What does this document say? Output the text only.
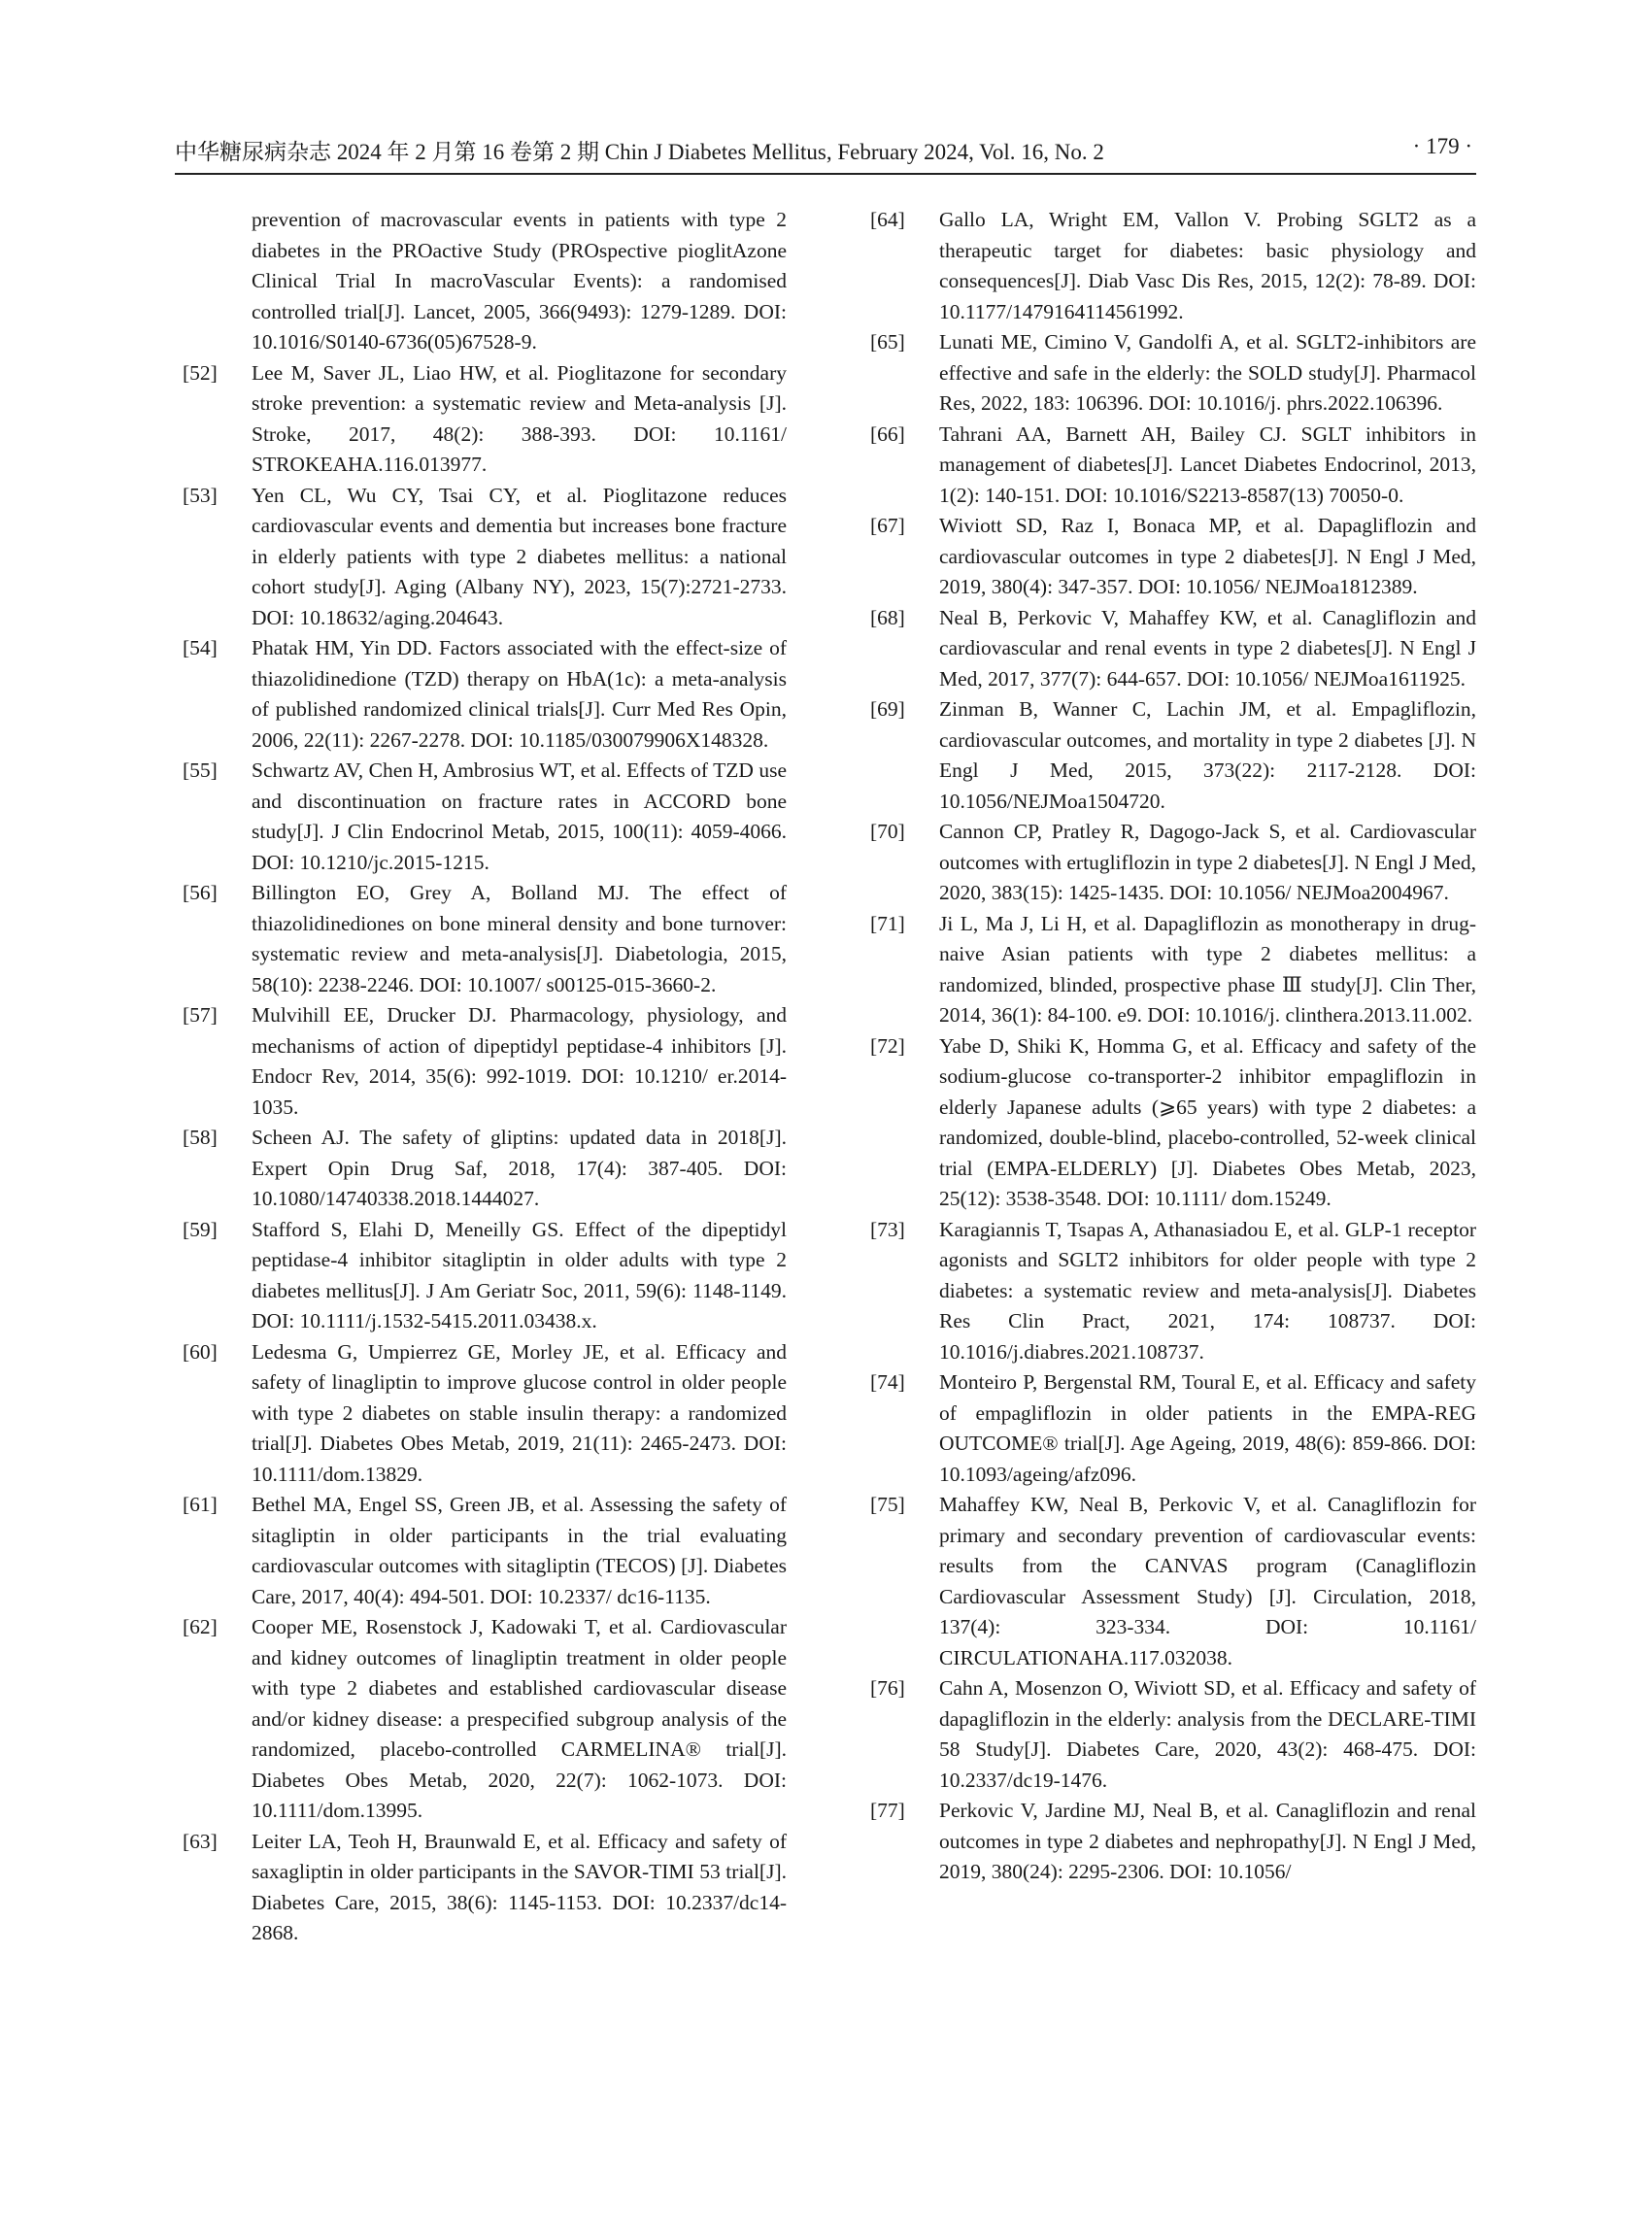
中华糖尿病杂志 2024 年 2 月第 16 卷第 2 期 Chin J Diabetes Mellitus, February 2024, Vol. 16, No. 2	· 179 ·
prevention of macrovascular events in patients with type 2 diabetes in the PROactive Study (PROspective pioglitAzone Clinical Trial In macroVascular Events): a randomised controlled trial[J]. Lancet, 2005, 366(9493): 1279-1289. DOI: 10.1016/S0140-6736(05)67528-9.
[52] Lee M, Saver JL, Liao HW, et al. Pioglitazone for secondary stroke prevention: a systematic review and Meta-analysis [J]. Stroke, 2017, 48(2): 388-393. DOI: 10.1161/ STROKEAHA.116.013977.
[53] Yen CL, Wu CY, Tsai CY, et al. Pioglitazone reduces cardiovascular events and dementia but increases bone fracture in elderly patients with type 2 diabetes mellitus: a national cohort study[J]. Aging (Albany NY), 2023, 15(7):2721-2733. DOI: 10.18632/aging.204643.
[54] Phatak HM, Yin DD. Factors associated with the effect-size of thiazolidinedione (TZD) therapy on HbA(1c): a meta-analysis of published randomized clinical trials[J]. Curr Med Res Opin, 2006, 22(11): 2267-2278. DOI: 10.1185/030079906X148328.
[55] Schwartz AV, Chen H, Ambrosius WT, et al. Effects of TZD use and discontinuation on fracture rates in ACCORD bone study[J]. J Clin Endocrinol Metab, 2015, 100(11): 4059-4066. DOI: 10.1210/jc.2015-1215.
[56] Billington EO, Grey A, Bolland MJ. The effect of thiazolidinediones on bone mineral density and bone turnover: systematic review and meta-analysis[J]. Diabetologia, 2015, 58(10): 2238-2246. DOI: 10.1007/ s00125-015-3660-2.
[57] Mulvihill EE, Drucker DJ. Pharmacology, physiology, and mechanisms of action of dipeptidyl peptidase-4 inhibitors [J]. Endocr Rev, 2014, 35(6): 992-1019. DOI: 10.1210/ er.2014-1035.
[58] Scheen AJ. The safety of gliptins: updated data in 2018[J]. Expert Opin Drug Saf, 2018, 17(4): 387-405. DOI: 10.1080/14740338.2018.1444027.
[59] Stafford S, Elahi D, Meneilly GS. Effect of the dipeptidyl peptidase-4 inhibitor sitagliptin in older adults with type 2 diabetes mellitus[J]. J Am Geriatr Soc, 2011, 59(6): 1148-1149. DOI: 10.1111/j.1532-5415.2011.03438.x.
[60] Ledesma G, Umpierrez GE, Morley JE, et al. Efficacy and safety of linagliptin to improve glucose control in older people with type 2 diabetes on stable insulin therapy: a randomized trial[J]. Diabetes Obes Metab, 2019, 21(11): 2465-2473. DOI: 10.1111/dom.13829.
[61] Bethel MA, Engel SS, Green JB, et al. Assessing the safety of sitagliptin in older participants in the trial evaluating cardiovascular outcomes with sitagliptin (TECOS) [J]. Diabetes Care, 2017, 40(4): 494-501. DOI: 10.2337/ dc16-1135.
[62] Cooper ME, Rosenstock J, Kadowaki T, et al. Cardiovascular and kidney outcomes of linagliptin treatment in older people with type 2 diabetes and established cardiovascular disease and/or kidney disease: a prespecified subgroup analysis of the randomized, placebo-controlled CARMELINA® trial[J]. Diabetes Obes Metab, 2020, 22(7): 1062-1073. DOI: 10.1111/dom.13995.
[63] Leiter LA, Teoh H, Braunwald E, et al. Efficacy and safety of saxagliptin in older participants in the SAVOR-TIMI 53 trial[J]. Diabetes Care, 2015, 38(6): 1145-1153. DOI: 10.2337/dc14-2868.
[64] Gallo LA, Wright EM, Vallon V. Probing SGLT2 as a therapeutic target for diabetes: basic physiology and consequences[J]. Diab Vasc Dis Res, 2015, 12(2): 78-89. DOI: 10.1177/1479164114561992.
[65] Lunati ME, Cimino V, Gandolfi A, et al. SGLT2-inhibitors are effective and safe in the elderly: the SOLD study[J]. Pharmacol Res, 2022, 183: 106396. DOI: 10.1016/j. phrs.2022.106396.
[66] Tahrani AA, Barnett AH, Bailey CJ. SGLT inhibitors in management of diabetes[J]. Lancet Diabetes Endocrinol, 2013, 1(2): 140-151. DOI: 10.1016/S2213-8587(13) 70050-0.
[67] Wiviott SD, Raz I, Bonaca MP, et al. Dapagliflozin and cardiovascular outcomes in type 2 diabetes[J]. N Engl J Med, 2019, 380(4): 347-357. DOI: 10.1056/ NEJMoa1812389.
[68] Neal B, Perkovic V, Mahaffey KW, et al. Canagliflozin and cardiovascular and renal events in type 2 diabetes[J]. N Engl J Med, 2017, 377(7): 644-657. DOI: 10.1056/ NEJMoa1611925.
[69] Zinman B, Wanner C, Lachin JM, et al. Empagliflozin, cardiovascular outcomes, and mortality in type 2 diabetes [J]. N Engl J Med, 2015, 373(22): 2117-2128. DOI: 10.1056/NEJMoa1504720.
[70] Cannon CP, Pratley R, Dagogo-Jack S, et al. Cardiovascular outcomes with ertugliflozin in type 2 diabetes[J]. N Engl J Med, 2020, 383(15): 1425-1435. DOI: 10.1056/ NEJMoa2004967.
[71] Ji L, Ma J, Li H, et al. Dapagliflozin as monotherapy in drug-naive Asian patients with type 2 diabetes mellitus: a randomized, blinded, prospective phase Ⅲ study[J]. Clin Ther, 2014, 36(1): 84-100. e9. DOI: 10.1016/j. clinthera.2013.11.002.
[72] Yabe D, Shiki K, Homma G, et al. Efficacy and safety of the sodium-glucose co-transporter-2 inhibitor empagliflozin in elderly Japanese adults (⩾65 years) with type 2 diabetes: a randomized, double-blind, placebo-controlled, 52-week clinical trial (EMPA-ELDERLY) [J]. Diabetes Obes Metab, 2023, 25(12): 3538-3548. DOI: 10.1111/ dom.15249.
[73] Karagiannis T, Tsapas A, Athanasiadou E, et al. GLP-1 receptor agonists and SGLT2 inhibitors for older people with type 2 diabetes: a systematic review and meta-analysis[J]. Diabetes Res Clin Pract, 2021, 174: 108737. DOI: 10.1016/j.diabres.2021.108737.
[74] Monteiro P, Bergenstal RM, Toural E, et al. Efficacy and safety of empagliflozin in older patients in the EMPA-REG OUTCOME® trial[J]. Age Ageing, 2019, 48(6): 859-866. DOI: 10.1093/ageing/afz096.
[75] Mahaffey KW, Neal B, Perkovic V, et al. Canagliflozin for primary and secondary prevention of cardiovascular events: results from the CANVAS program (Canagliflozin Cardiovascular Assessment Study) [J]. Circulation, 2018, 137(4): 323-334. DOI: 10.1161/ CIRCULATIONAHA.117.032038.
[76] Cahn A, Mosenzon O, Wiviott SD, et al. Efficacy and safety of dapagliflozin in the elderly: analysis from the DECLARE-TIMI 58 Study[J]. Diabetes Care, 2020, 43(2): 468-475. DOI: 10.2337/dc19-1476.
[77] Perkovic V, Jardine MJ, Neal B, et al. Canagliflozin and renal outcomes in type 2 diabetes and nephropathy[J]. N Engl J Med, 2019, 380(24): 2295-2306. DOI: 10.1056/
